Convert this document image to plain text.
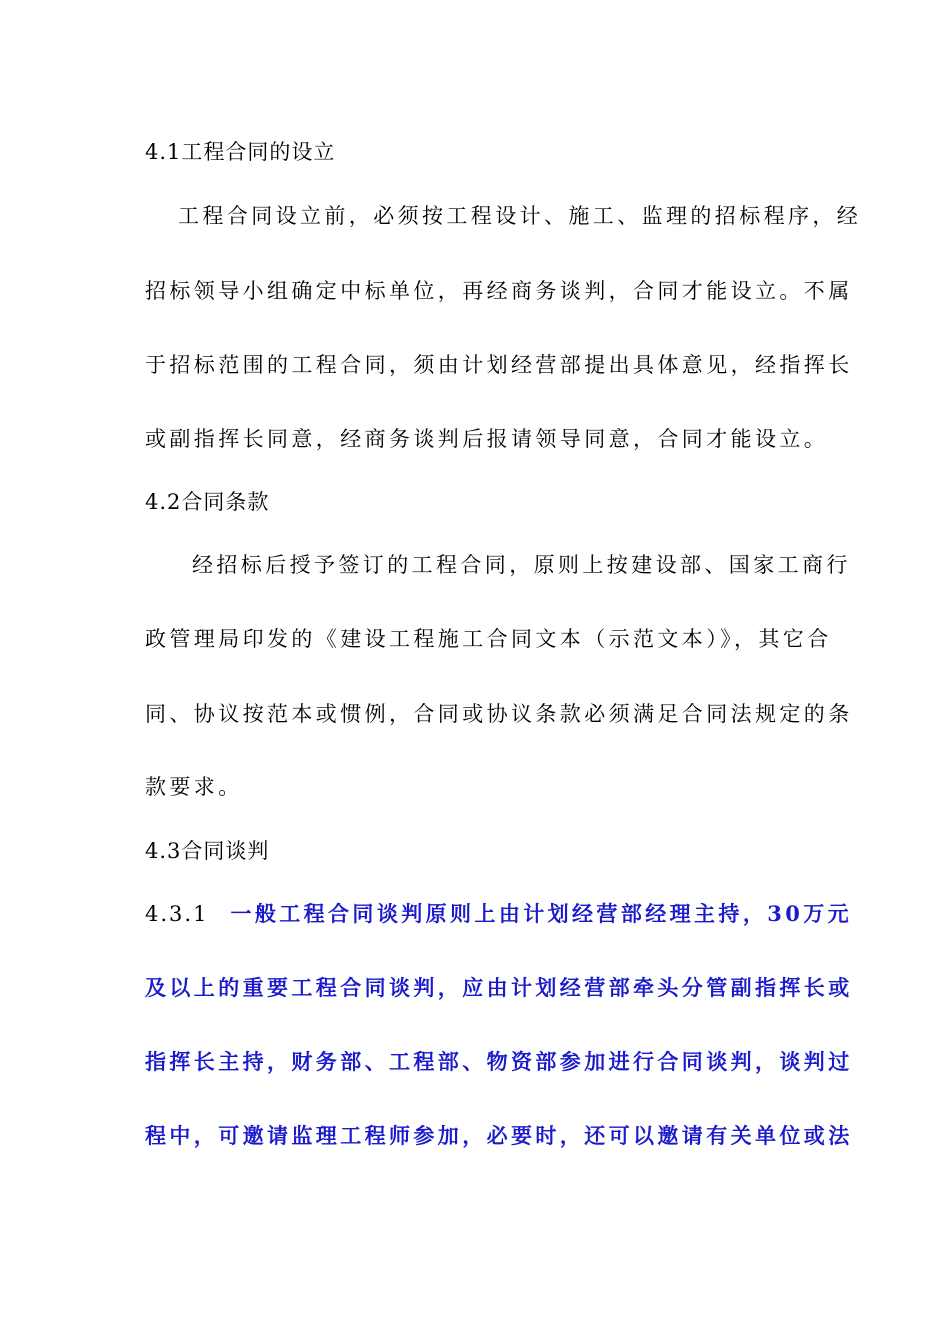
4.1工程合同的设立
工程合同设立前，必须按工程设计、施工、监理的招标程序，经
招标领导小组确定中标单位，再经商务谈判，合同才能设立。不属
于招标范围的工程合同，须由计划经营部提出具体意见，经指挥长
或副指挥长同意，经商务谈判后报请领导同意，合同才能设立。
4.2合同条款
经招标后授予签订的工程合同，原则上按建设部、国家工商行
政管理局印发的《建设工程施工合同文本（示范文本）》，其它合
同、协议按范本或惯例，合同或协议条款必须满足合同法规定的条
款要求。
4.3合同谈判
4.3.1 一般工程合同谈判原则上由计划经营部经理主持，30万元
及以上的重要工程合同谈判，应由计划经营部牵头分管副指挥长或
指挥长主持，财务部、工程部、物资部参加进行合同谈判，谈判过
程中，可邀请监理工程师参加，必要时，还可以邀请有关单位或法
